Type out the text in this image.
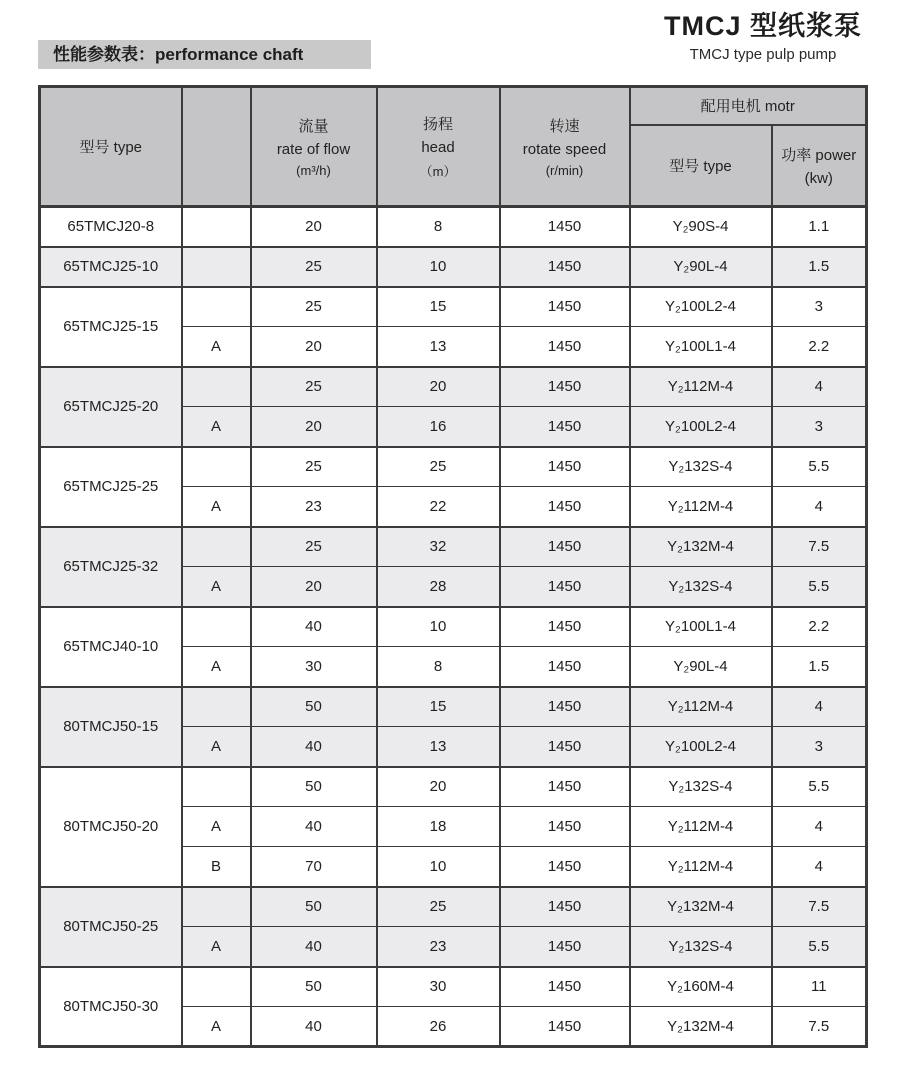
TMCJ 型纸浆泵
TMCJ type pulp pump
性能参数表：performance chaft
型号 type

流量
rate of flow
(m³/h)

扬程
head
（m）

转速
rotate speed
(r/min)
	配用电机 motr
					型号 type	功率 power
(kw)

65TMCJ20-8		20	8	1450	Y₂90S-4	1.1
65TMCJ25-10		25	10	1450	Y₂90L-4	1.5
65TMCJ25-15		25	15	1450	Y₂100L2-4	3
	A	20	13	1450	Y₂100L1-4	2.2
65TMCJ25-20		25	20	1450	Y₂112M-4	4
	A	20	16	1450	Y₂100L2-4	3
65TMCJ25-25		25	25	1450	Y₂132S-4	5.5
	A	23	22	1450	Y₂112M-4	4
65TMCJ25-32		25	32	1450	Y₂132M-4	7.5
	A	20	28	1450	Y₂132S-4	5.5
65TMCJ40-10		40	10	1450	Y₂100L1-4	2.2
	A	30	8	1450	Y₂90L-4	1.5
80TMCJ50-15		50	15	1450	Y₂112M-4	4
	A	40	13	1450	Y₂100L2-4	3
80TMCJ50-20		50	20	1450	Y₂132S-4	5.5
	A	40	18	1450	Y₂112M-4	4
	B	70	10	1450	Y₂112M-4	4
80TMCJ50-25		50	25	1450	Y₂132M-4	7.5
	A	40	23	1450	Y₂132S-4	5.5
80TMCJ50-30		50	30	1450	Y₂160M-4	11
	A	40	26	1450	Y₂132M-4	7.5
